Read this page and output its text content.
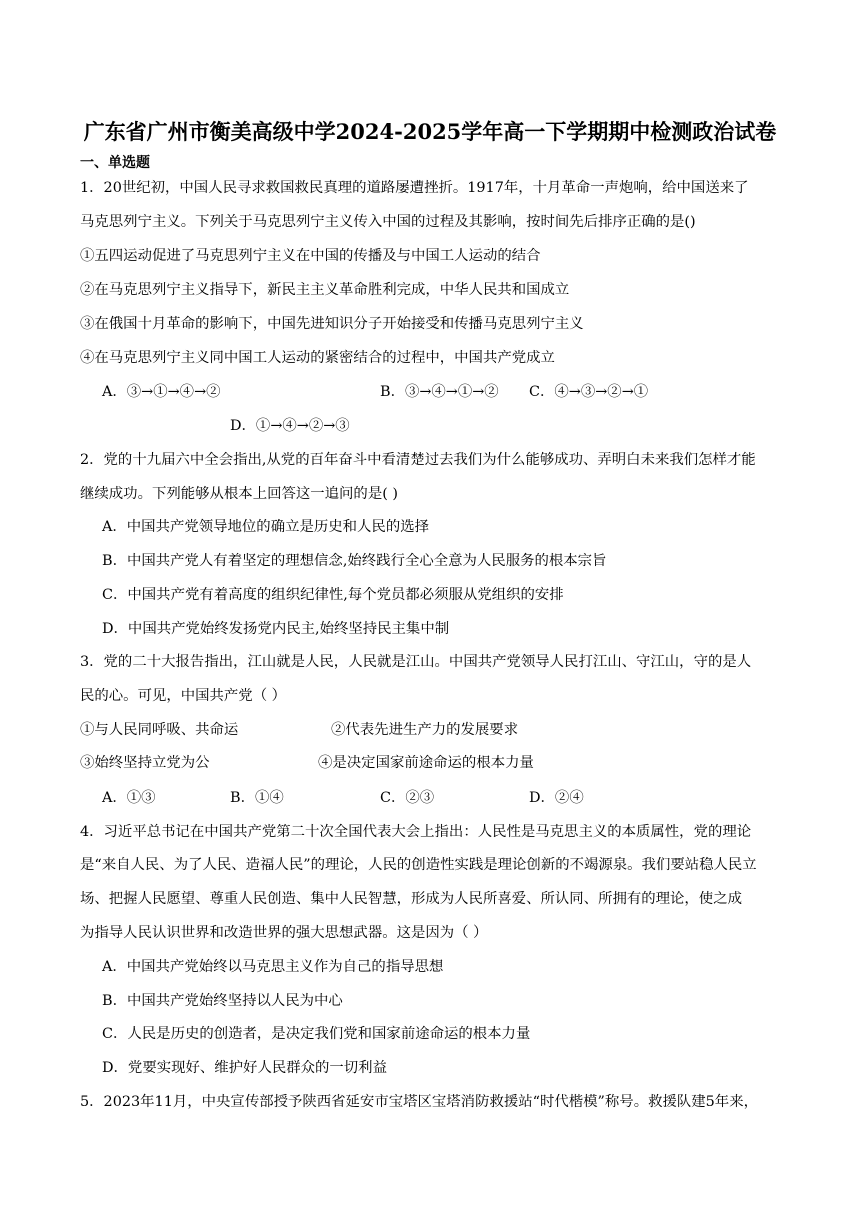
广东省广州市衡美高级中学2024-2025学年高一下学期期中检测政治试卷
一、单选题
1．20世纪初，中国人民寻求救国救民真理的道路屡遭挫折。1917年，十月革命一声炮响，给中国送来了
马克思列宁主义。下列关于马克思列宁主义传入中国的过程及其影响，按时间先后排序正确的是()
①五四运动促进了马克思列宁主义在中国的传播及与中国工人运动的结合
②在马克思列宁主义指导下，新民主主义革命胜利完成，中华人民共和国成立
③在俄国十月革命的影响下，中国先进知识分子开始接受和传播马克思列宁主义
④在马克思列宁主义同中国工人运动的紧密结合的过程中，中国共产党成立
A．③→①→④→②	B．③→④→①→② C．④→③→②→①
D．①→④→②→③
2．党的十九届六中全会指出,从党的百年奋斗中看清楚过去我们为什么能够成功、弄明白未来我们怎样才能
继续成功。下列能够从根本上回答这一追问的是( )
A．中国共产党领导地位的确立是历史和人民的选择
B．中国共产党人有着坚定的理想信念,始终践行全心全意为人民服务的根本宗旨
C．中国共产党有着高度的组织纪律性,每个党员都必须服从党组织的安排
D．中国共产党始终发扬党内民主,始终坚持民主集中制
3．党的二十大报告指出，江山就是人民，人民就是江山。中国共产党领导人民打江山、守江山，守的是人
民的心。可见，中国共产党（ ）
①与人民同呼吸、共命运	②代表先进生产力的发展要求
③始终坚持立党为公	④是决定国家前途命运的根本力量
A．①③	B．①④	C．②③	D．②④
4．习近平总书记在中国共产党第二十次全国代表大会上指出：人民性是马克思主义的本质属性，党的理论
是“来自人民、为了人民、造福人民”的理论，人民的创造性实践是理论创新的不竭源泉。我们要站稳人民立
场、把握人民愿望、尊重人民创造、集中人民智慧，形成为人民所喜爱、所认同、所拥有的理论，使之成
为指导人民认识世界和改造世界的强大思想武器。这是因为（ ）
A．中国共产党始终以马克思主义作为自己的指导思想
B．中国共产党始终坚持以人民为中心
C．人民是历史的创造者，是决定我们党和国家前途命运的根本力量
D．党要实现好、维护好人民群众的一切利益
5．2023年11月，中央宣传部授予陕西省延安市宝塔区宝塔消防救援站“时代楷模”称号。救援队建5年来，
